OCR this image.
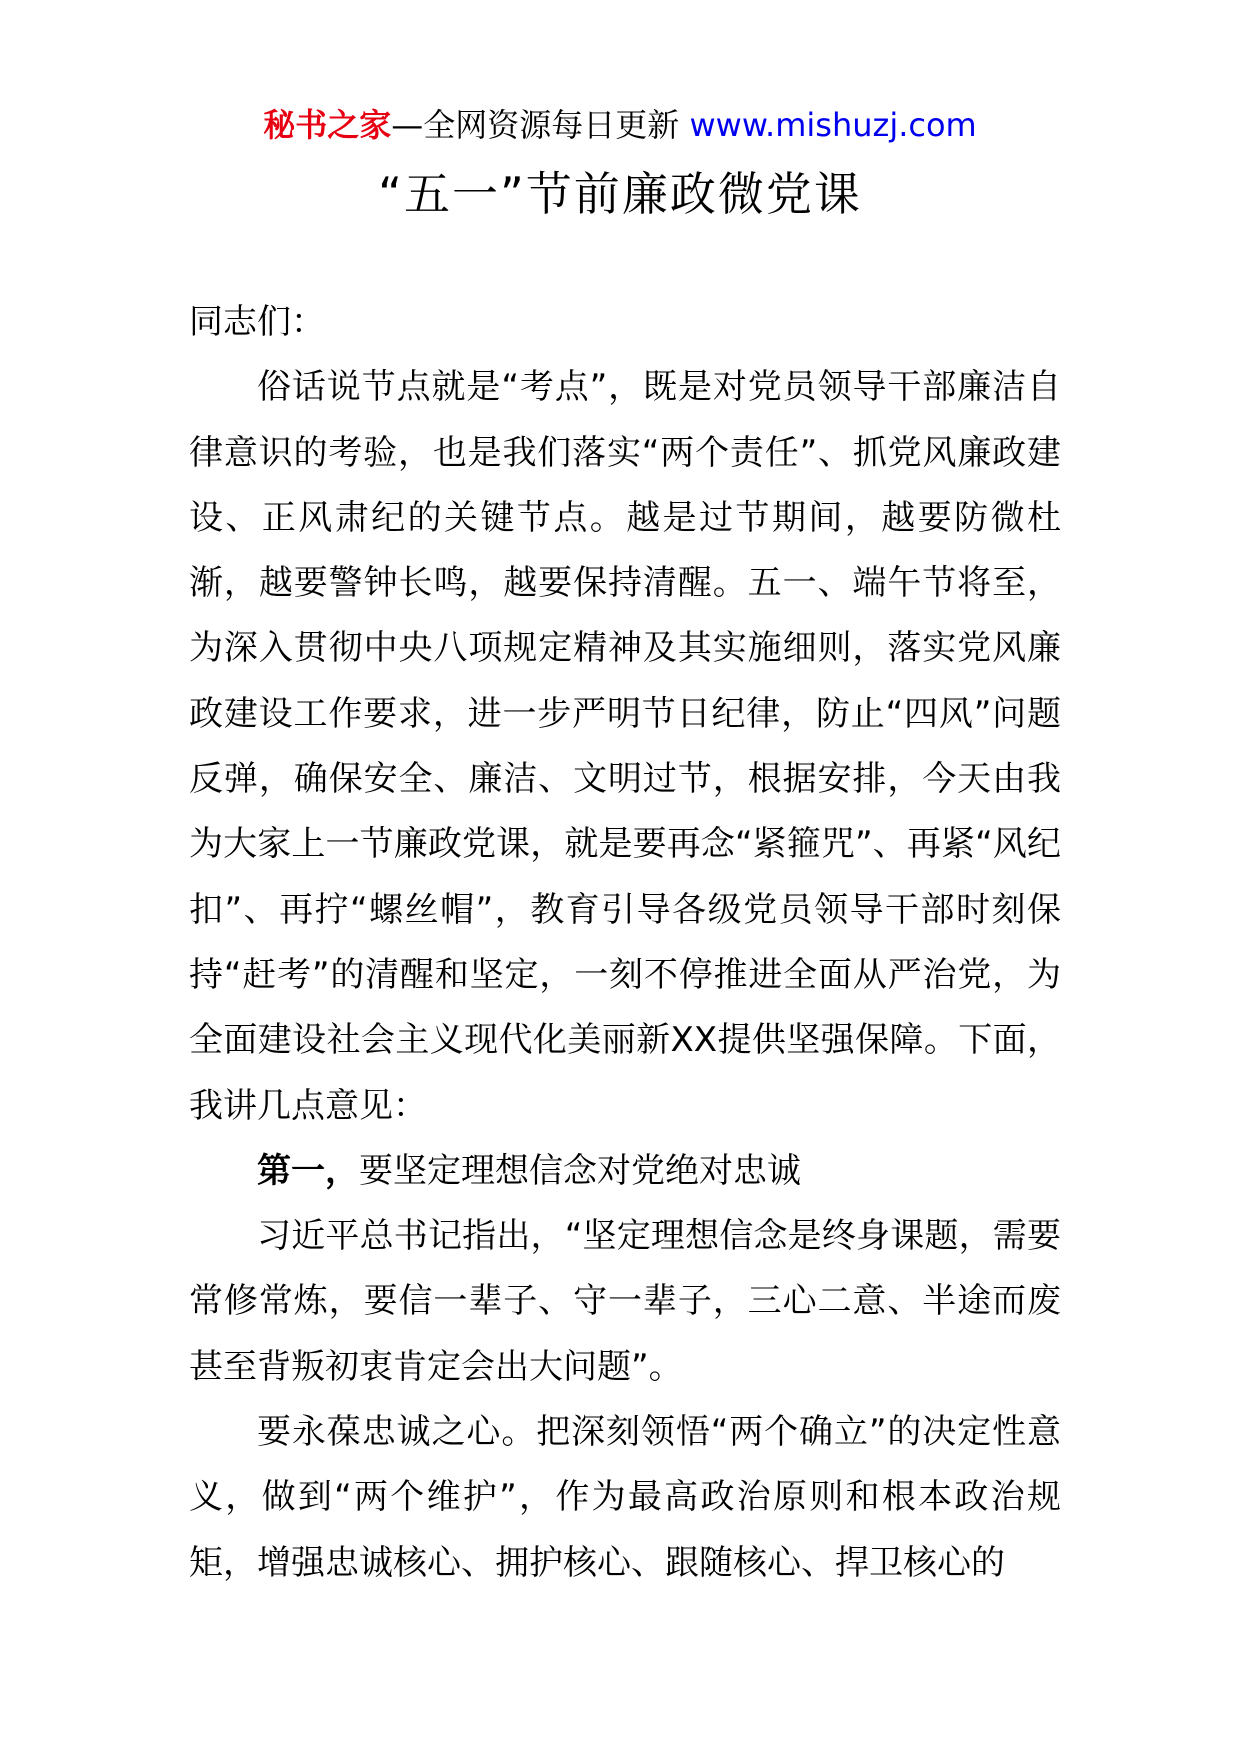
秘书之家—全网资源每日更新 www.mishuzj.com
“五一”节前廉政微党课

同志们：

俗话说节点就是“考点”，既是对党员领导干部廉洁自律意识的考验，也是我们落实“两个责任”、抓党风廉政建设、正风肃纪的关键节点。越是过节期间，越要防微杜渐，越要警钟长鸣，越要保持清醒。五一、端午节将至，为深入贯彻中央八项规定精神及其实施细则，落实党风廉政建设工作要求，进一步严明节日纪律，防止“四风”问题反弹，确保安全、廉洁、文明过节，根据安排，今天由我为大家上一节廉政党课，就是要再念“紧箍咒”、再紧“风纪扣”、再拧“螺丝帽”，教育引导各级党员领导干部时刻保持“赶考”的清醒和坚定，一刻不停推进全面从严治党，为全面建设社会主义现代化美丽新XX提供坚强保障。下面，我讲几点意见：

第一，要坚定理想信念对党绝对忠诚

习近平总书记指出，“坚定理想信念是终身课题，需要常修常炼，要信一辈子、守一辈子，三心二意、半途而废甚至背叛初衷肯定会出大问题”。

要永葆忠诚之心。把深刻领悟“两个确立”的决定性意义，做到“两个维护”，作为最高政治原则和根本政治规矩，增强忠诚核心、拥护核心、跟随核心、捍卫核心的
